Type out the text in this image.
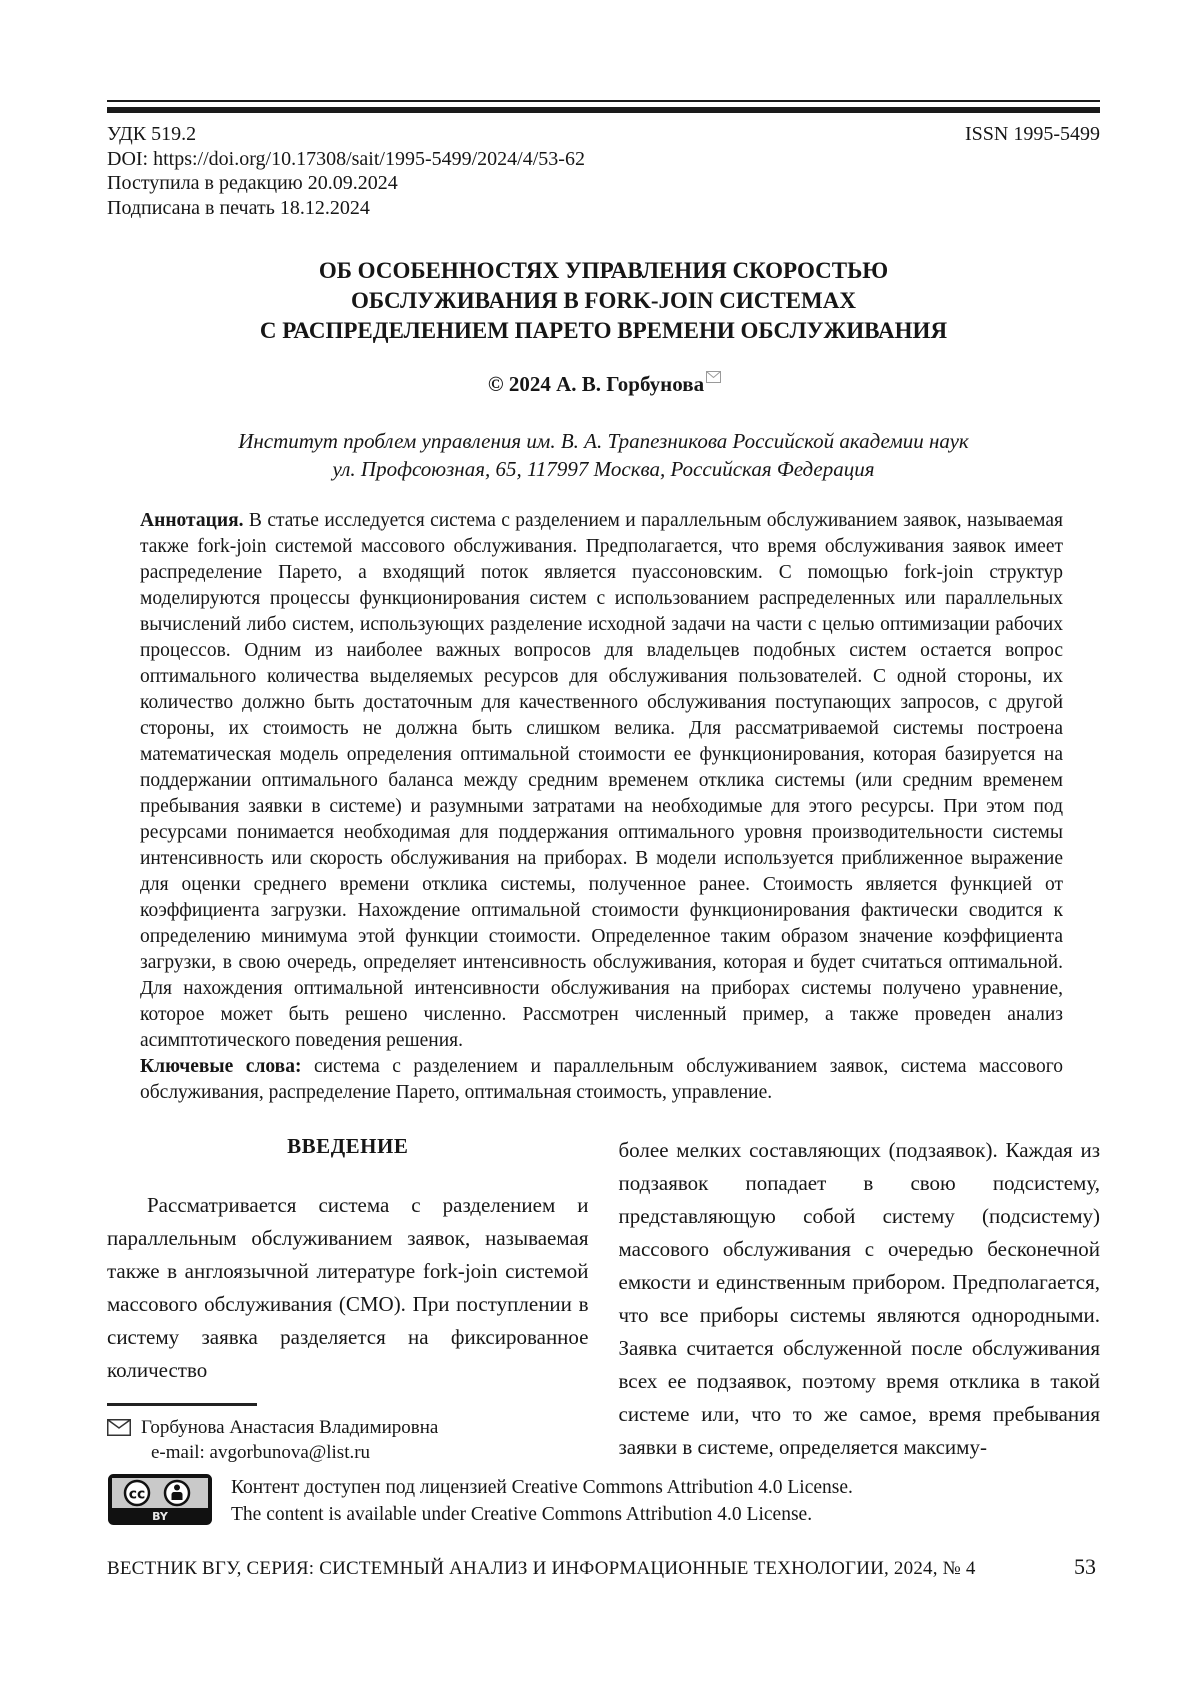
УДК 519.2	ISSN 1995-5499
DOI: https://doi.org/10.17308/sait/1995-5499/2024/4/53-62
Поступила в редакцию 20.09.2024
Подписана в печать 18.12.2024
ОБ ОСОБЕННОСТЯХ УПРАВЛЕНИЯ СКОРОСТЬЮ
ОБСЛУЖИВАНИЯ В FORK-JOIN СИСТЕМАХ
С РАСПРЕДЕЛЕНИЕМ ПАРЕТО ВРЕМЕНИ ОБСЛУЖИВАНИЯ
© 2024 А. В. Горбунова
Институт проблем управления им. В. А. Трапезникова Российской академии наук
ул. Профсоюзная, 65, 117997 Москва, Российская Федерация

Аннотация. В статье исследуется система с разделением и параллельным обслуживанием заявок, называемая также fork-join системой массового обслуживания. Предполагается, что время обслуживания заявок имеет распределение Парето, а входящий поток является пуассоновским. С помощью fork-join структур моделируются процессы функционирования систем с использованием распределенных или параллельных вычислений либо систем, использующих разделение исходной задачи на части с целью оптимизации рабочих процессов. Одним из наиболее важных вопросов для владельцев подобных систем остается вопрос оптимального количества выделяемых ресурсов для обслуживания пользователей. С одной стороны, их количество должно быть достаточным для качественного обслуживания поступающих запросов, с другой стороны, их стоимость не должна быть слишком велика. Для рассматриваемой системы построена математическая модель определения оптимальной стоимости ее функционирования, которая базируется на поддержании оптимального баланса между средним временем отклика системы (или средним временем пребывания заявки в системе) и разумными затратами на необходимые для этого ресурсы. При этом под ресурсами понимается необходимая для поддержания оптимального уровня производительности системы интенсивность или скорость обслуживания на приборах. В модели используется приближенное выражение для оценки среднего времени отклика системы, полученное ранее. Стоимость является функцией от коэффициента загрузки. Нахождение оптимальной стоимости функционирования фактически сводится к определению минимума этой функции стоимости. Определенное таким образом значение коэффициента загрузки, в свою очередь, определяет интенсивность обслуживания, которая и будет считаться оптимальной. Для нахождения оптимальной интенсивности обслуживания на приборах системы получено уравнение, которое может быть решено численно. Рассмотрен численный пример, а также проведен анализ асимптотического поведения решения.

Ключевые слова: система с разделением и параллельным обслуживанием заявок, система массового обслуживания, распределение Парето, оптимальная стоимость, управление.

ВВЕДЕНИЕ

Рассматривается система с разделением и параллельным обслуживанием заявок, называемая также в англоязычной литературе fork-join системой массового обслуживания (СМО). При поступлении в систему заявка разделяется на фиксированное количество

Горбунова Анастасия Владимировна
e-mail: avgorbunova@list.ru

более мелких составляющих (подзаявок). Каждая из подзаявок попадает в свою подсистему, представляющую собой систему (подсистему) массового обслуживания с очередью бесконечной емкости и единственным прибором. Предполагается, что все приборы системы являются однородными. Заявка считается обслуженной после обслуживания всех ее подзаявок, поэтому время отклика в такой системе или, что то же самое, время пребывания заявки в системе, определяется максиму-

cc
BY
Контент доступен под лицензией Creative Commons Attribution 4.0 License.
The content is available under Creative Commons Attribution 4.0 License.
ВЕСТНИК ВГУ, СЕРИЯ: СИСТЕМНЫЙ АНАЛИЗ И ИНФОРМАЦИОННЫЕ ТЕХНОЛОГИИ, 2024, № 4	53
